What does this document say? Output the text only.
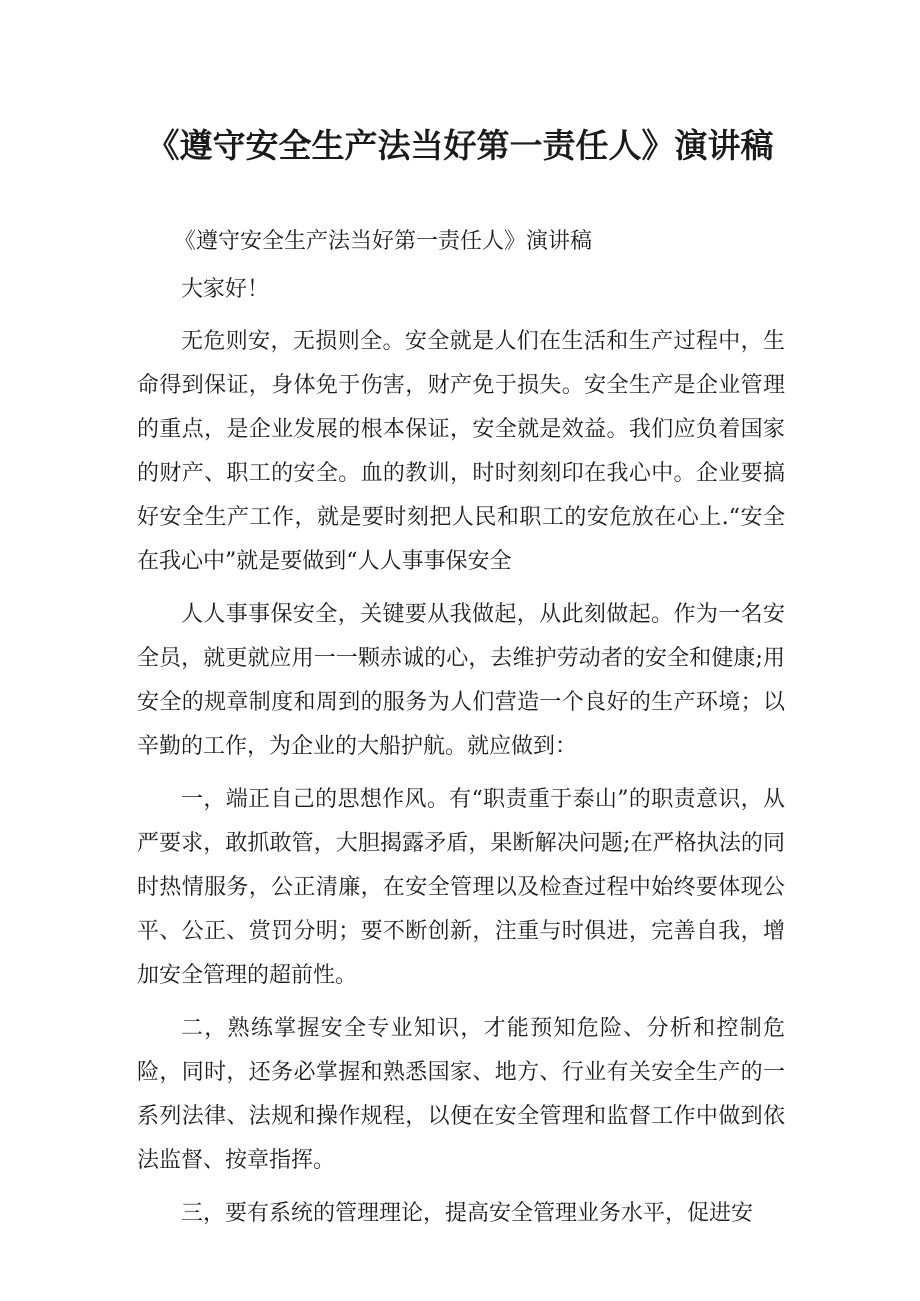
《遵守安全生产法当好第一责任人》演讲稿

《遵守安全生产法当好第一责任人》演讲稿

大家好！

无危则安，无损则全。安全就是人们在生活和生产过程中，生命得到保证，身体免于伤害，财产免于损失。安全生产是企业管理的重点，是企业发展的根本保证，安全就是效益。我们应负着国家的财产、职工的安全。血的教训，时时刻刻印在我心中。企业要搞好安全生产工作，就是要时刻把人民和职工的安危放在心上.“安全在我心中”就是要做到“人人事事保安全

人人事事保安全，关键要从我做起，从此刻做起。作为一名安全员，就更就应用一一颗赤诚的心，去维护劳动者的安全和健康;用安全的规章制度和周到的服务为人们营造一个良好的生产环境；以辛勤的工作，为企业的大船护航。就应做到：

一，端正自己的思想作风。有“职责重于泰山”的职责意识，从严要求，敢抓敢管，大胆揭露矛盾，果断解决问题;在严格执法的同时热情服务，公正清廉，在安全管理以及检查过程中始终要体现公平、公正、赏罚分明；要不断创新，注重与时俱进，完善自我，增加安全管理的超前性。

二，熟练掌握安全专业知识，才能预知危险、分析和控制危险，同时，还务必掌握和熟悉国家、地方、行业有关安全生产的一系列法律、法规和操作规程，以便在安全管理和监督工作中做到依法监督、按章指挥。

三，要有系统的管理理论，提高安全管理业务水平，促进安
